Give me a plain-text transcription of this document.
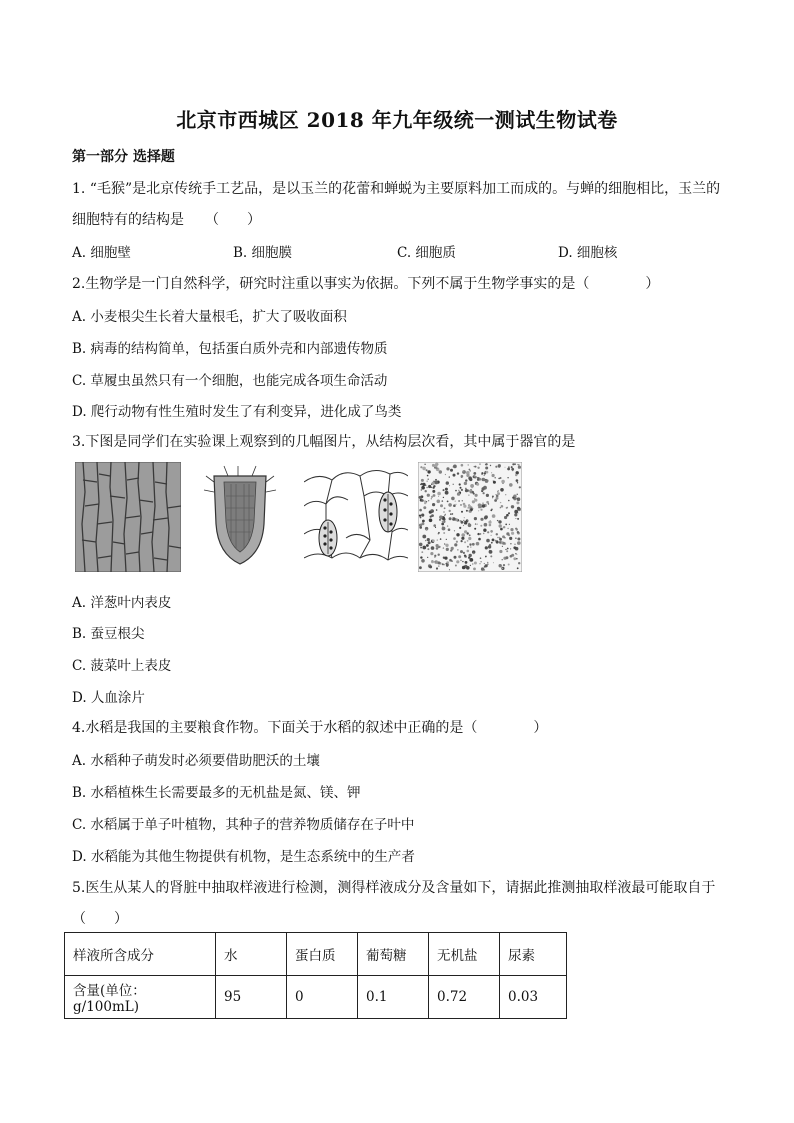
北京市西城区 2018 年九年级统一测试生物试卷
第一部分 选择题
1. “毛猴”是北京传统手工艺品，是以玉兰的花蕾和蝉蜕为主要原料加工而成的。与蝉的细胞相比，玉兰的
细胞特有的结构是　　（　　）
A. 细胞壁	B. 细胞膜	C. 细胞质	D. 细胞核
2.生物学是一门自然科学，研究时注重以事实为依据。下列不属于生物学事实的是（　　　　）
A. 小麦根尖生长着大量根毛，扩大了吸收面积
B. 病毒的结构简单，包括蛋白质外壳和内部遗传物质
C. 草履虫虽然只有一个细胞，也能完成各项生命活动
D. 爬行动物有性生殖时发生了有利变异，进化成了鸟类
3.下图是同学们在实验课上观察到的几幅图片，从结构层次看，其中属于器官的是
A. 洋葱叶内表皮
B. 蚕豆根尖
C. 菠菜叶上表皮
D. 人血涂片
4.水稻是我国的主要粮食作物。下面关于水稻的叙述中正确的是（　　　　）
A. 水稻种子萌发时必须要借助肥沃的土壤
B. 水稻植株生长需要最多的无机盐是氮、镁、钾
C. 水稻属于单子叶植物，其种子的营养物质储存在子叶中
D. 水稻能为其他生物提供有机物，是生态系统中的生产者
5.医生从某人的肾脏中抽取样液进行检测，测得样液成分及含量如下，请据此推测抽取样液最可能取自于
（　　）
样液所含成分	水	蛋白质	葡萄糖	无机盐	尿素
含量(单位：g/100mL)	95	0	0.1	0.72	0.03
